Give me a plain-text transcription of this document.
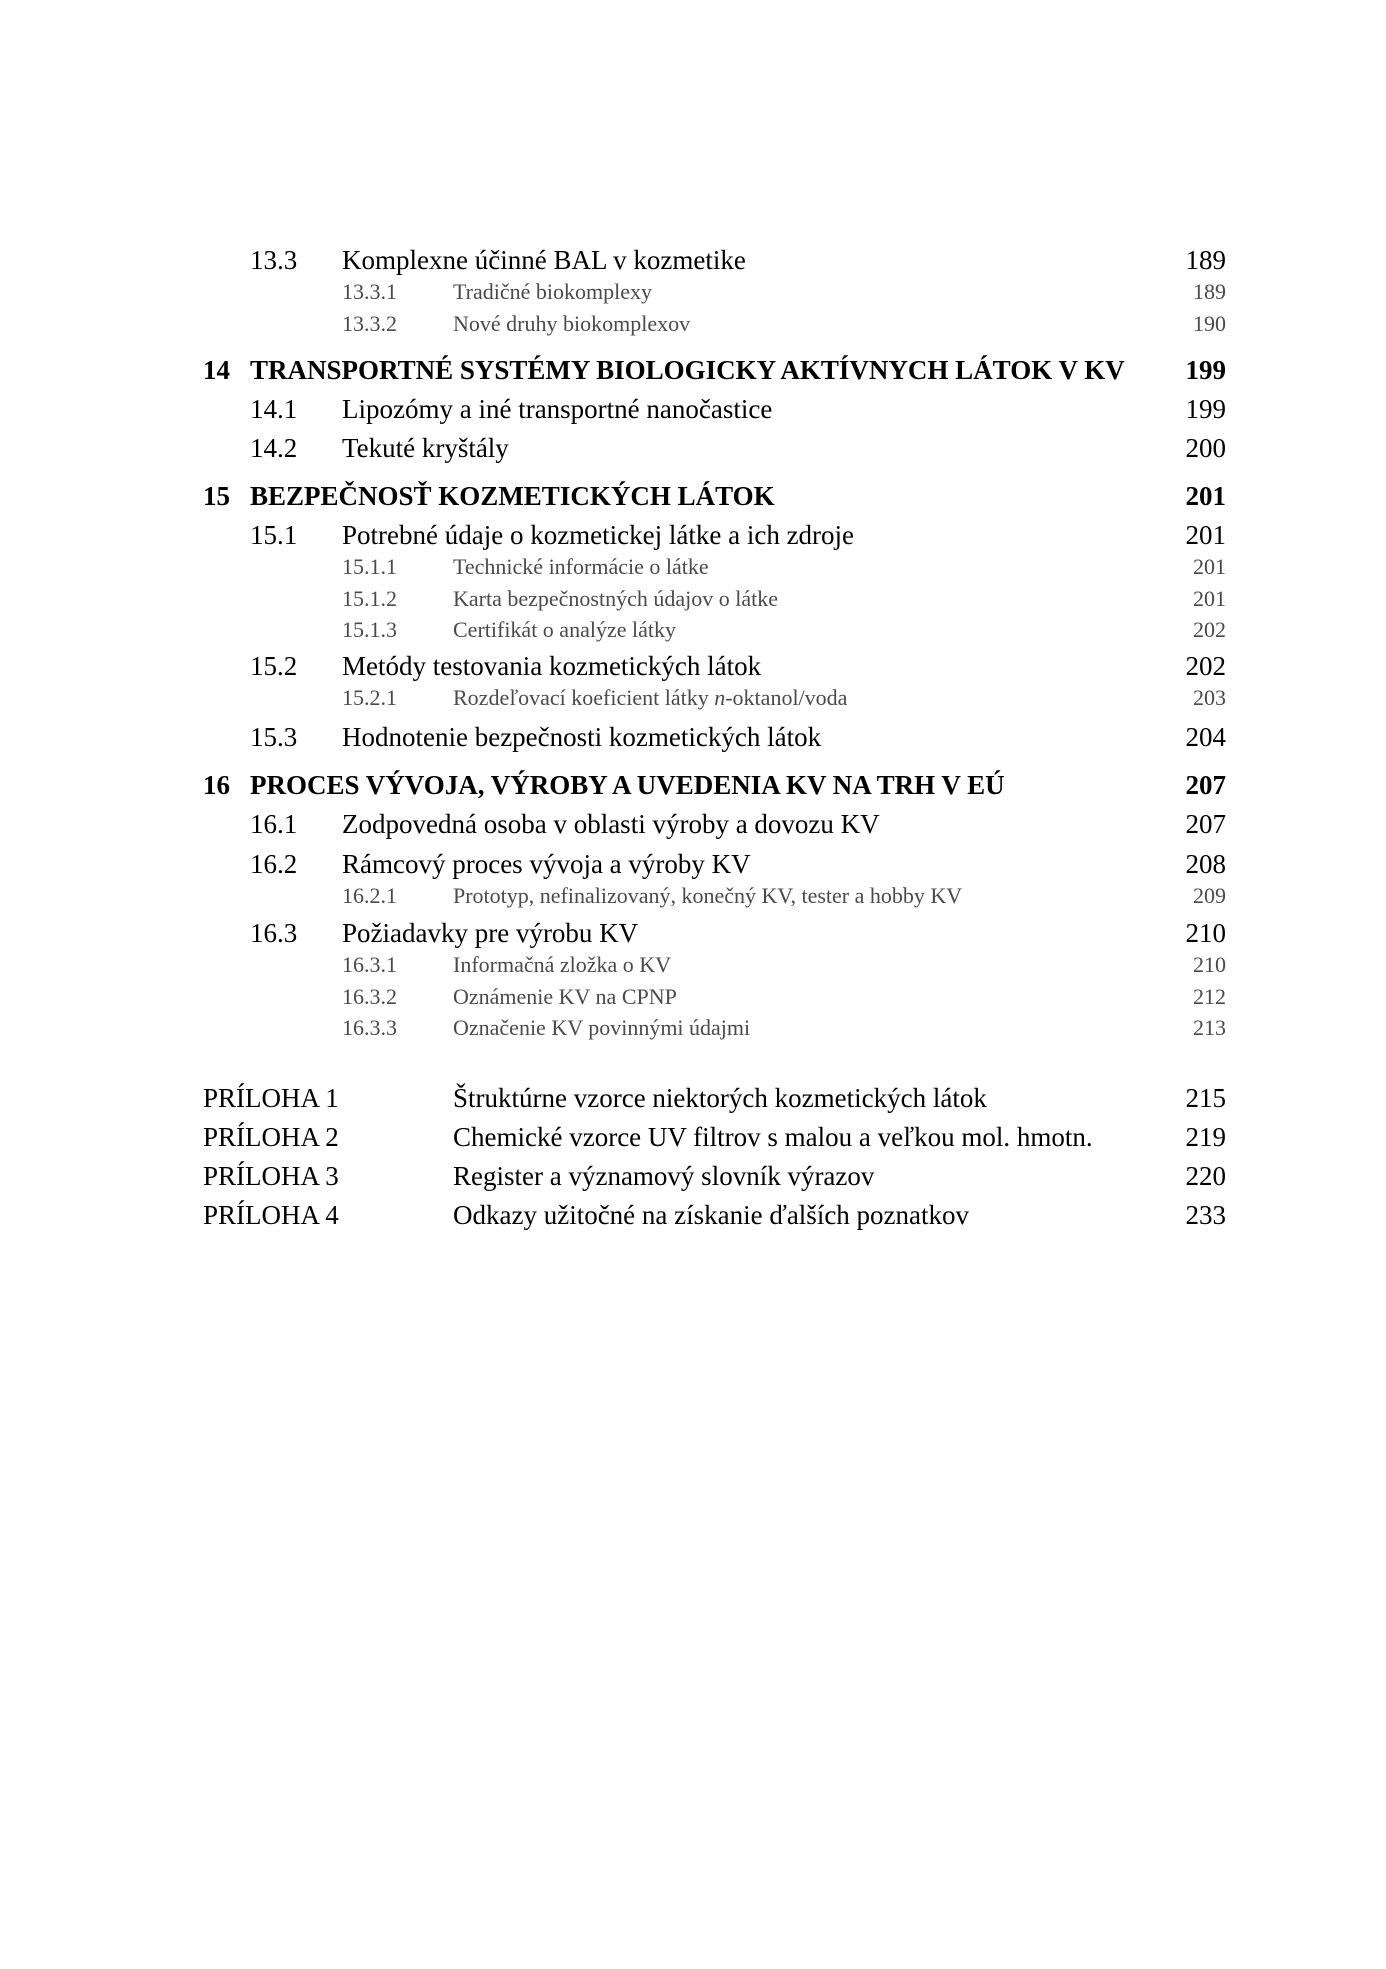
13.3 Komplexne účinné BAL v kozmetike	189
13.3.1	Tradičné biokomplexy	189
13.3.2	Nové druhy biokomplexov	190
14 TRANSPORTNÉ SYSTÉMY BIOLOGICKY AKTÍVNYCH LÁTOK V KV 199
14.1 Lipozómy a iné transportné nanočastice	199
14.2 Tekuté kryštály	200
15 BEZPEČNOSŤ KOZMETICKÝCH LÁTOK	201
15.1 Potrebné údaje o kozmetickej látke a ich zdroje	201
15.1.1	Technické informácie o látke	201
15.1.2	Karta bezpečnostných údajov o látke	201
15.1.3	Certifikát o analýze látky	202
15.2 Metódy testovania kozmetických látok	202
15.2.1	Rozdeľovací koeficient látky n-oktanol/voda	203
15.3 Hodnotenie bezpečnosti kozmetických látok	204
16 PROCES VÝVOJA, VÝROBY A UVEDENIA KV NA TRH V EÚ	207
16.1 Zodpovedná osoba v oblasti výroby a dovozu KV	207
16.2 Rámcový proces vývoja a výroby KV	208
16.2.1	Prototyp, nefinalizovaný, konečný KV, tester a hobby KV	209
16.3 Požiadavky pre výrobu KV	210
16.3.1	Informačná zložka o KV	210
16.3.2	Oznámenie KV na CPNP	212
16.3.3	Označenie KV povinnými údajmi	213
PRÍLOHA 1	Štruktúrne vzorce niektorých kozmetických látok	215
PRÍLOHA 2	Chemické vzorce UV filtrov s malou a veľkou mol. hmotn.	219
PRÍLOHA 3	Register a významový slovník výrazov	220
PRÍLOHA 4	Odkazy užitočné na získanie ďalších poznatkov	233
